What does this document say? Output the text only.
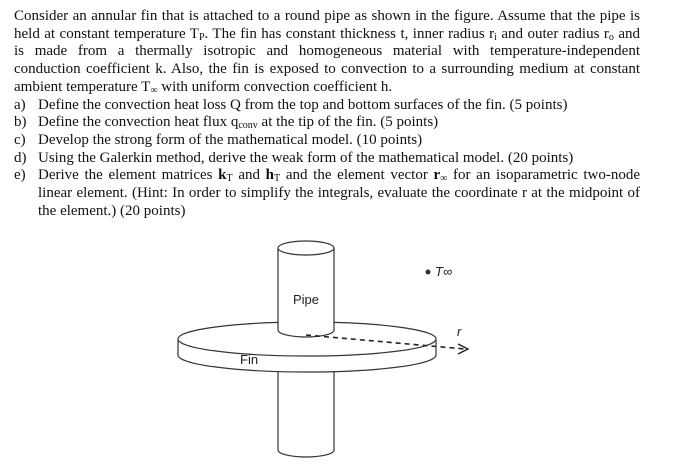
Consider an annular fin that is attached to a round pipe as shown in the figure. Assume that the pipe is held at constant temperature $T_P$. The fin has constant thickness t, inner radius $r_i$ and outer radius $r_o$ and is made from a thermally isotropic and homogeneous material with temperature-independent conduction coefficient k. Also, the fin is exposed to convection to a surrounding medium at constant ambient temperature $T_\infty$ with uniform convection coefficient h.

a) Define the convection heat loss Q from the top and bottom surfaces of the fin. (5 points)
b) Define the convection heat flux $q_{conv}$ at the tip of the fin. (5 points)
c) Develop the strong form of the mathematical model. (10 points)
d) Using the Galerkin method, derive the weak form of the mathematical model. (20 points)
e) Derive the element matrices $k_T$ and $h_T$ and the element vector $r_\infty$ for an isoparametric two-node linear element. (Hint: In order to simplify the integrals, evaluate the coordinate r at the midpoint of the element.) (20 points)
T∞
Pipe
Fin
r
